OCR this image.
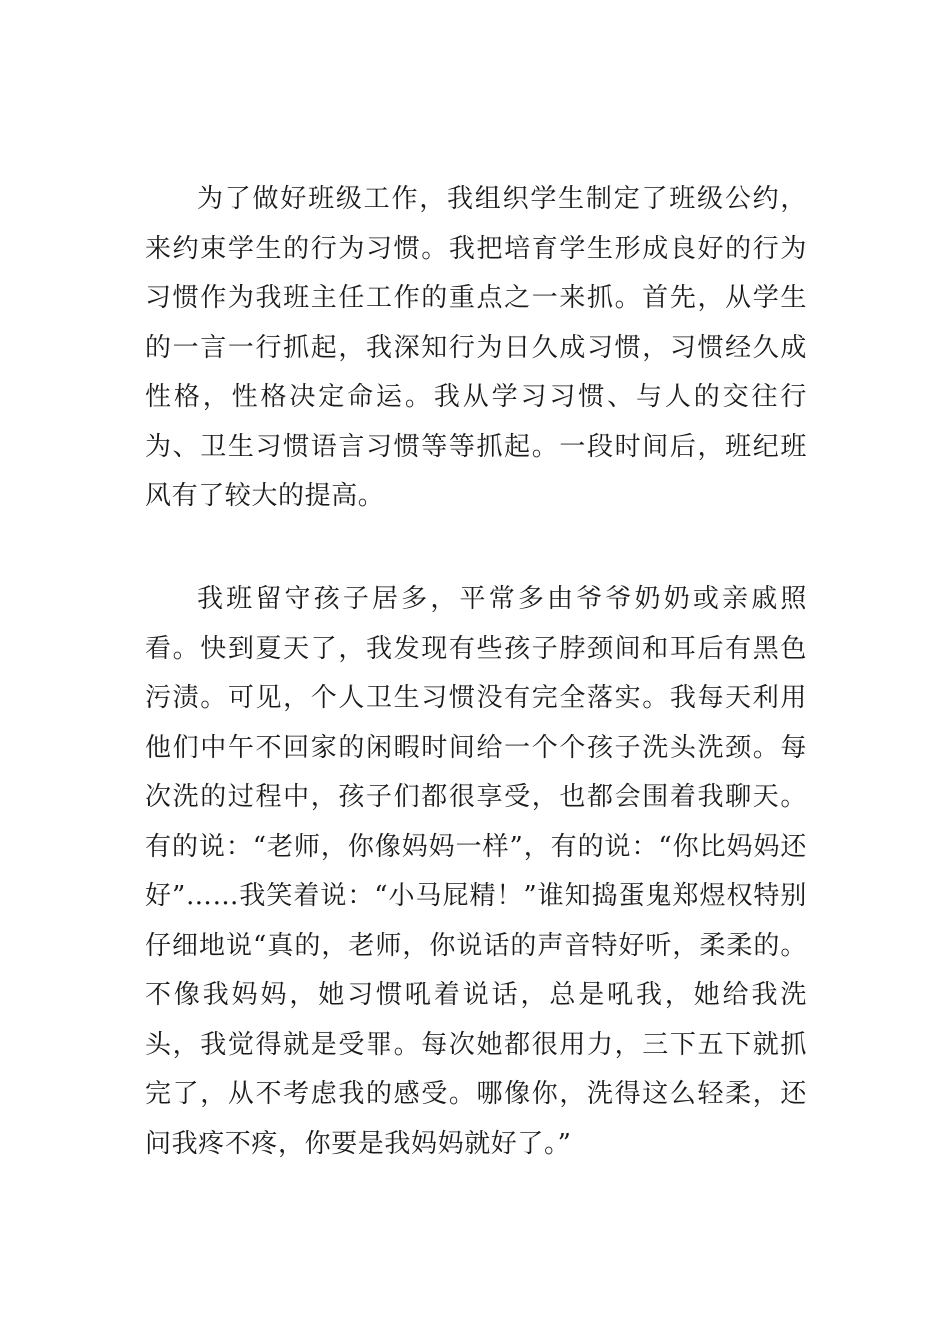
为了做好班级工作，我组织学生制定了班级公约，来约束学生的行为习惯。我把培育学生形成良好的行为习惯作为我班主任工作的重点之一来抓。首先，从学生的一言一行抓起，我深知行为日久成习惯，习惯经久成性格，性格决定命运。我从学习习惯、与人的交往行为、卫生习惯语言习惯等等抓起。一段时间后，班纪班风有了较大的提高。

我班留守孩子居多，平常多由爷爷奶奶或亲戚照看。快到夏天了，我发现有些孩子脖颈间和耳后有黑色污渍。可见，个人卫生习惯没有完全落实。我每天利用他们中午不回家的闲暇时间给一个个孩子洗头洗颈。每次洗的过程中，孩子们都很享受，也都会围着我聊天。有的说：“老师，你像妈妈一样”，有的说：“你比妈妈还好”……我笑着说：“小马屁精！”谁知捣蛋鬼郑煜权特别仔细地说“真的，老师，你说话的声音特好听，柔柔的。不像我妈妈，她习惯吼着说话，总是吼我，她给我洗头，我觉得就是受罪。每次她都很用力，三下五下就抓完了，从不考虑我的感受。哪像你，洗得这么轻柔，还问我疼不疼，你要是我妈妈就好了。”
